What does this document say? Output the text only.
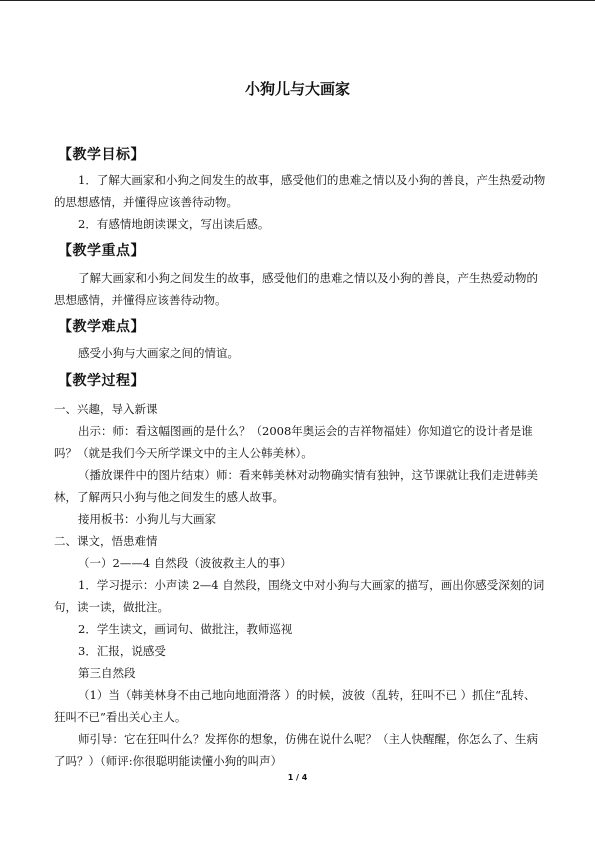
小狗儿与大画家
【教学目标】
1．了解大画家和小狗之间发生的故事，感受他们的患难之情以及小狗的善良，产生热爱动物的思想感情，并懂得应该善待动物。
2．有感情地朗读课文，写出读后感。
【教学重点】
了解大画家和小狗之间发生的故事，感受他们的患难之情以及小狗的善良，产生热爱动物的思想感情，并懂得应该善待动物。
【教学难点】
感受小狗与大画家之间的情谊。
【教学过程】
一、兴趣，导入新课
出示：师：看这幅图画的是什么？（2008年奥运会的吉祥物福娃）你知道它的设计者是谁吗？（就是我们今天所学课文中的主人公韩美林）。
（播放课件中的图片结束）师：看来韩美林对动物确实情有独钟，这节课就让我们走进韩美林，了解两只小狗与他之间发生的感人故事。
接用板书：小狗儿与大画家
二、课文，悟患难情
（一）2——4 自然段（波彼救主人的事）
1．学习提示：小声读 2—4 自然段，围绕文中对小狗与大画家的描写，画出你感受深刻的词句，读一读，做批注。
2．学生读文，画词句、做批注，教师巡视
3．汇报，说感受
第三自然段
（1）当（韩美林身不由己地向地面滑落 ）的时候，波彼（乱转，狂叫不已 ）抓住“乱转、狂叫不已”看出关心主人。
师引导：它在狂叫什么？发挥你的想象，仿佛在说什么呢？（主人快醒醒，你怎么了、生病了吗？）（师评:你很聪明能读懂小狗的叫声）
1 / 4
